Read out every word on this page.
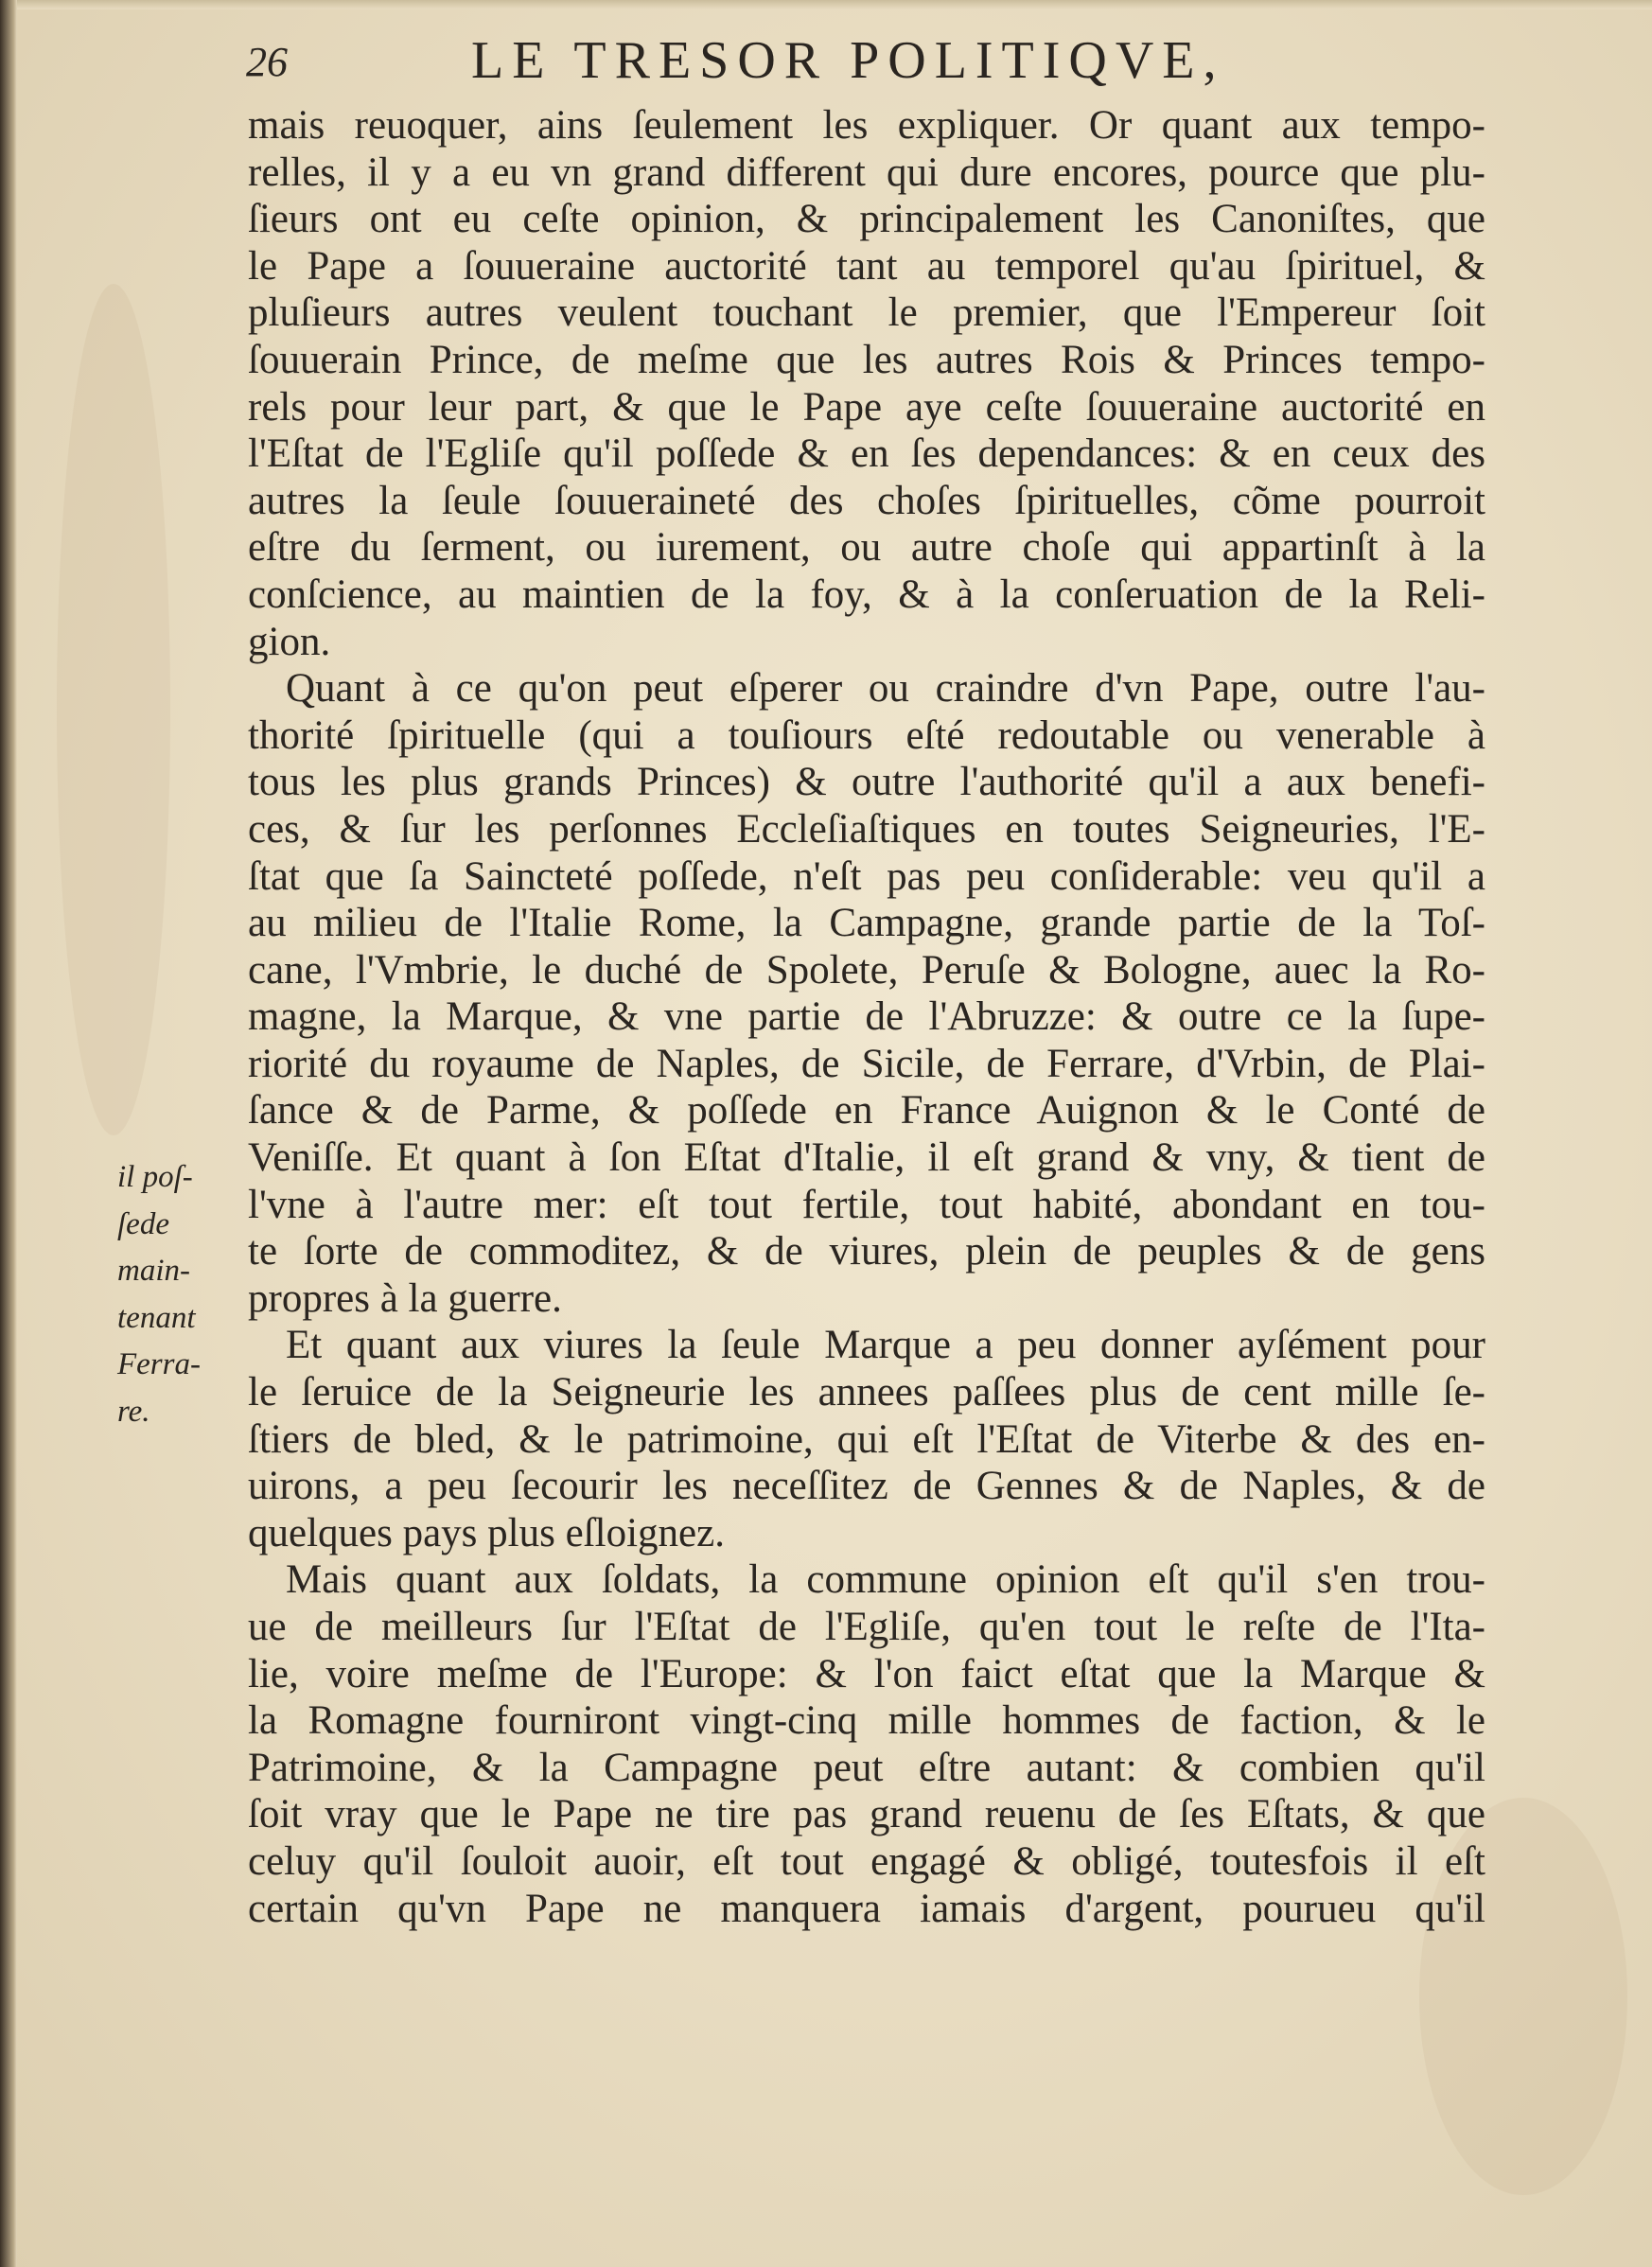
26	LE TRESOR POLITIQVE,
il poſ-
ſede
main-
tenant
Ferra-
re.
mais reuoquer, ains ſeulement les expliquer. Or quant aux tempo-
relles, il y a eu vn grand different qui dure encores, pource que plu-
ſieurs ont eu ceſte opinion, & principalement les Canoniſtes, que
le Pape a ſouueraine auctorité tant au temporel qu'au ſpirituel, &
pluſieurs autres veulent touchant le premier, que l'Empereur ſoit
ſouuerain Prince, de meſme que les autres Rois & Princes tempo-
rels pour leur part, & que le Pape aye ceſte ſouueraine auctorité en
l'Eſtat de l'Egliſe qu'il poſſede & en ſes dependances: & en ceux des
autres la ſeule ſouueraineté des choſes ſpirituelles, cõme pourroit
eſtre du ſerment, ou iurement, ou autre choſe qui appartinſt à la
conſcience, au maintien de la foy, & à la conſeruation de la Reli-
gion.
Quant à ce qu'on peut eſperer ou craindre d'vn Pape, outre l'au-
thorité ſpirituelle (qui a touſiours eſté redoutable ou venerable à
tous les plus grands Princes) & outre l'authorité qu'il a aux benefi-
ces, & ſur les perſonnes Eccleſiaſtiques en toutes Seigneuries, l'E-
ſtat que ſa Saincteté poſſede, n'eſt pas peu conſiderable: veu qu'il a
au milieu de l'Italie Rome, la Campagne, grande partie de la Toſ-
cane, l'Vmbrie, le duché de Spolete, Peruſe & Bologne, auec la Ro-
magne, la Marque, & vne partie de l'Abruzze: & outre ce la ſupe-
riorité du royaume de Naples, de Sicile, de Ferrare, d'Vrbin, de Plai-
ſance & de Parme, & poſſede en France Auignon & le Conté de
Veniſſe. Et quant à ſon Eſtat d'Italie, il eſt grand & vny, & tient de
l'vne à l'autre mer: eſt tout fertile, tout habité, abondant en tou-
te ſorte de commoditez, & de viures, plein de peuples & de gens
propres à la guerre.
Et quant aux viures la ſeule Marque a peu donner ayſément pour
le ſeruice de la Seigneurie les annees paſſees plus de cent mille ſe-
ſtiers de bled, & le patrimoine, qui eſt l'Eſtat de Viterbe & des en-
uirons, a peu ſecourir les neceſſitez de Gennes & de Naples, & de
quelques pays plus eſloignez.
Mais quant aux ſoldats, la commune opinion eſt qu'il s'en trou-
ue de meilleurs ſur l'Eſtat de l'Egliſe, qu'en tout le reſte de l'Ita-
lie, voire meſme de l'Europe: & l'on faict eſtat que la Marque &
la Romagne fourniront vingt-cinq mille hommes de faction, & le
Patrimoine, & la Campagne peut eſtre autant: & combien qu'il
ſoit vray que le Pape ne tire pas grand reuenu de ſes Eſtats, & que
celuy qu'il ſouloit auoir, eſt tout engagé & obligé, toutesfois il eſt
certain qu'vn Pape ne manquera iamais d'argent, pourueu qu'il
